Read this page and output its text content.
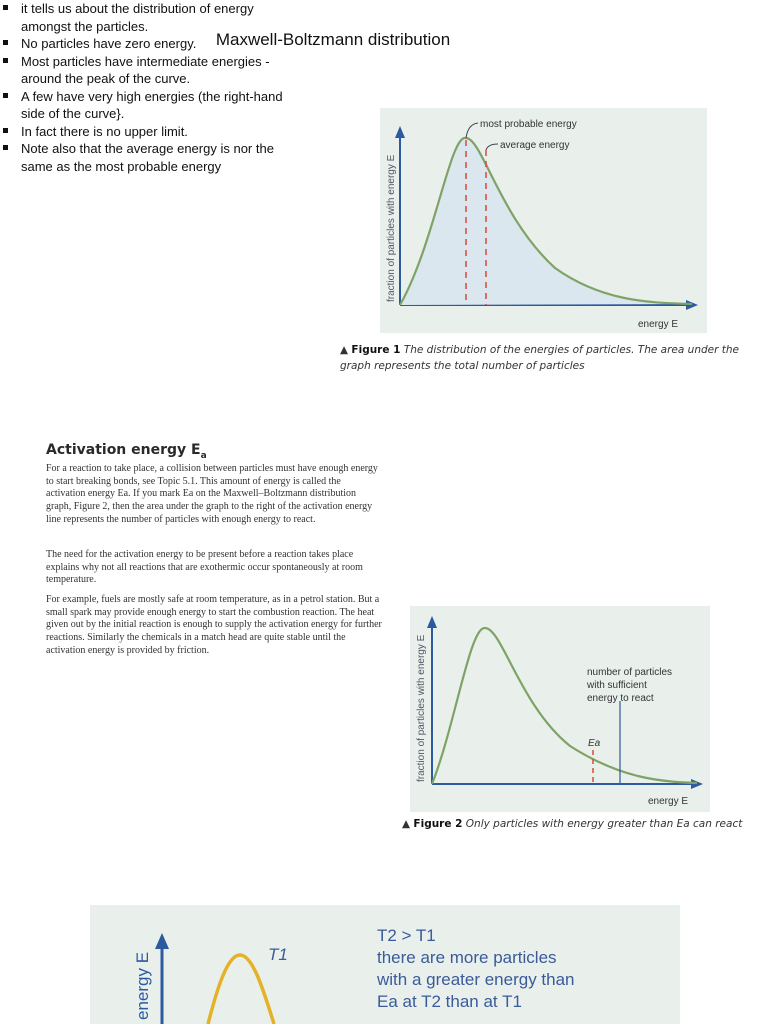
Maxwell-Boltzmann distribution
it tells us about the distribution of energy amongst the particles.
No particles have zero energy.
Most particles have intermediate energies - around the peak of the curve.
A few have very high energies (the right-hand side of the curve}.
In fact there is no upper limit.
Note also that the average energy is nor the same as the most probable energy
most probable energy
average energy
fraction of particles with energy E
energy E
▲ Figure 1 The distribution of the energies of particles. The area under the graph represents the total number of particles
Activation energy $E_a$

For a reaction to take place, a collision between particles must have enough energy to start breaking bonds, see Topic 5.1. This amount of energy is called the activation energy Ea. If you mark Ea on the Maxwell–Boltzmann distribution graph, Figure 2, then the area under the graph to the right of the activation energy line represents the number of particles with enough energy to react.

The need for the activation energy to be present before a reaction takes place explains why not all reactions that are exothermic occur spontaneously at room temperature.

For example, fuels are mostly safe at room temperature, as in a petrol station. But a small spark may provide enough energy to start the combustion reaction. The heat given out by the initial reaction is enough to supply the activation energy for further reactions. Similarly the chemicals in a match head are quite stable until the activation energy is provided by friction.

Ea
number of particles with sufficient energy to react
fraction of particles with energy E
energy E
▲ Figure 2 Only particles with energy greater than Ea can react
energy E	T1
T2 > T1
there are more particles
with a greater energy than
Ea at T2 than at T1
